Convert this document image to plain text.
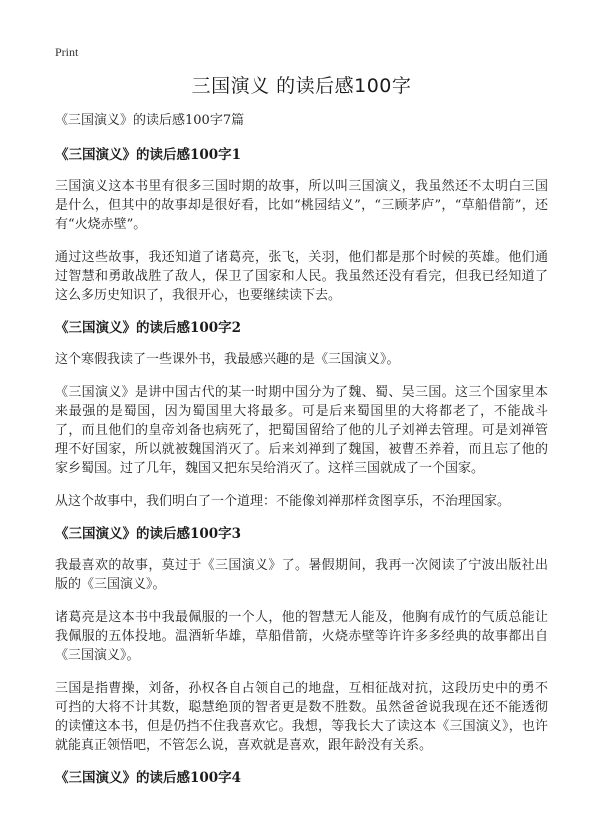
Print
三国演义 的读后感100字
《三国演义》的读后感100字7篇
《三国演义》的读后感100字1

三国演义这本书里有很多三国时期的故事，所以叫三国演义，我虽然还不太明白三国是什么，但其中的故事却是很好看，比如“桃园结义”，“三顾茅庐”，“草船借箭”，还有“火烧赤壁”。

通过这些故事，我还知道了诸葛亮，张飞，关羽，他们都是那个时候的英雄。他们通过智慧和勇敢战胜了敌人，保卫了国家和人民。我虽然还没有看完，但我已经知道了这么多历史知识了，我很开心，也要继续读下去。

《三国演义》的读后感100字2

这个寒假我读了一些课外书，我最感兴趣的是《三国演义》。

《三国演义》是讲中国古代的某一时期中国分为了魏、蜀、吴三国。这三个国家里本来最强的是蜀国，因为蜀国里大将最多。可是后来蜀国里的大将都老了，不能战斗了，而且他们的皇帝刘备也病死了，把蜀国留给了他的儿子刘禅去管理。可是刘禅管理不好国家，所以就被魏国消灭了。后来刘禅到了魏国，被曹丕养着，而且忘了他的家乡蜀国。过了几年，魏国又把东吴给消灭了。这样三国就成了一个国家。

从这个故事中，我们明白了一个道理：不能像刘禅那样贪图享乐，不治理国家。

《三国演义》的读后感100字3

我最喜欢的故事，莫过于《三国演义》了。暑假期间，我再一次阅读了宁波出版社出版的《三国演义》。

诸葛亮是这本书中我最佩服的一个人，他的智慧无人能及，他胸有成竹的气质总能让我佩服的五体投地。温酒斩华雄，草船借箭，火烧赤壁等许许多多经典的故事都出自《三国演义》。

三国是指曹操，刘备，孙权各自占领自己的地盘，互相征战对抗，这段历史中的勇不可挡的大将不计其数，聪慧绝顶的智者更是数不胜数。虽然爸爸说我现在还不能透彻的读懂这本书，但是仍挡不住我喜欢它。我想，等我长大了读这本《三国演义》，也许就能真正领悟吧，不管怎么说，喜欢就是喜欢，跟年龄没有关系。

《三国演义》的读后感100字4
